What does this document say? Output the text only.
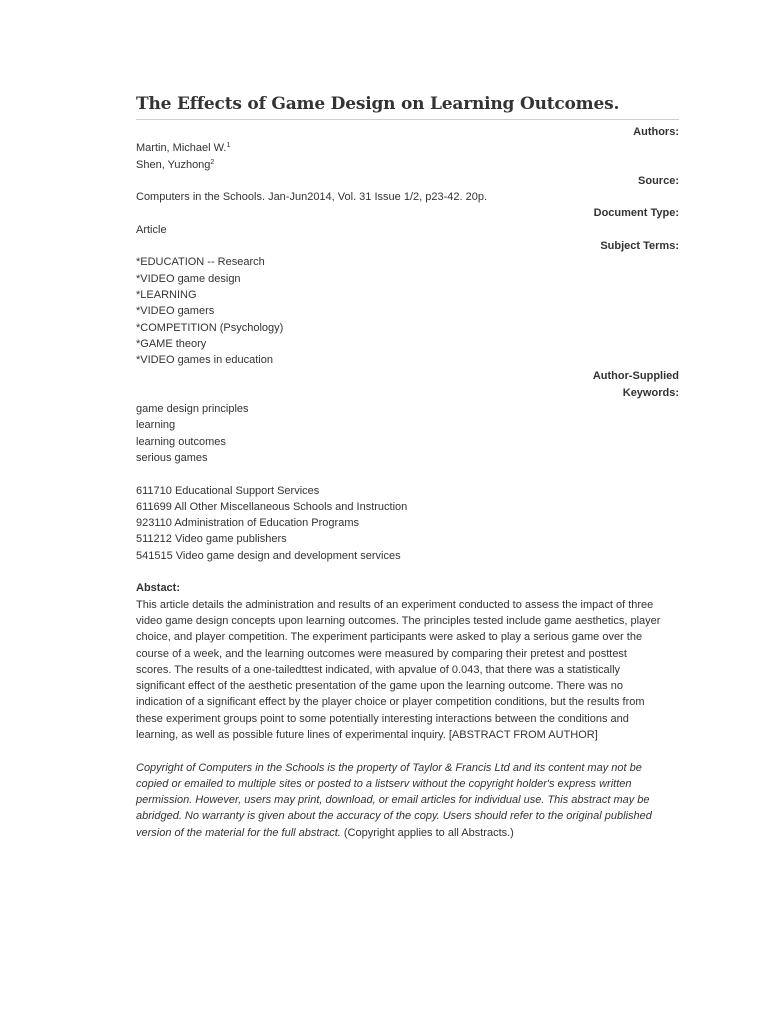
The Effects of Game Design on Learning Outcomes.
Authors:
Martin, Michael W.$^1$
Shen, Yuzhong$^2$
Source:
Computers in the Schools. Jan-Jun2014, Vol. 31 Issue 1/2, p23-42. 20p.
Document Type:
Article
Subject Terms:
*EDUCATION -- Research
*VIDEO game design
*LEARNING
*VIDEO gamers
*COMPETITION (Psychology)
*GAME theory
*VIDEO games in education
Author-Supplied
Keywords:
game design principles
learning
learning outcomes
serious games
611710 Educational Support Services
611699 All Other Miscellaneous Schools and Instruction
923110 Administration of Education Programs
511212 Video game publishers
541515 Video game design and development services
Abstact:
This article details the administration and results of an experiment conducted to assess the impact of three
video game design concepts upon learning outcomes. The principles tested include game aesthetics, player
choice, and player competition. The experiment participants were asked to play a serious game over the
course of a week, and the learning outcomes were measured by comparing their pretest and posttest
scores. The results of a one-tailedttest indicated, with apvalue of 0.043, that there was a statistically
significant effect of the aesthetic presentation of the game upon the learning outcome. There was no
indication of a significant effect by the player choice or player competition conditions, but the results from
these experiment groups point to some potentially interesting interactions between the conditions and
learning, as well as possible future lines of experimental inquiry. [ABSTRACT FROM AUTHOR]
Copyright of Computers in the Schools is the property of Taylor & Francis Ltd and its content may not be
copied or emailed to multiple sites or posted to a listserv without the copyright holder's express written
permission. However, users may print, download, or email articles for individual use. This abstract may be
abridged. No warranty is given about the accuracy of the copy. Users should refer to the original published
version of the material for the full abstract. (Copyright applies to all Abstracts.)
